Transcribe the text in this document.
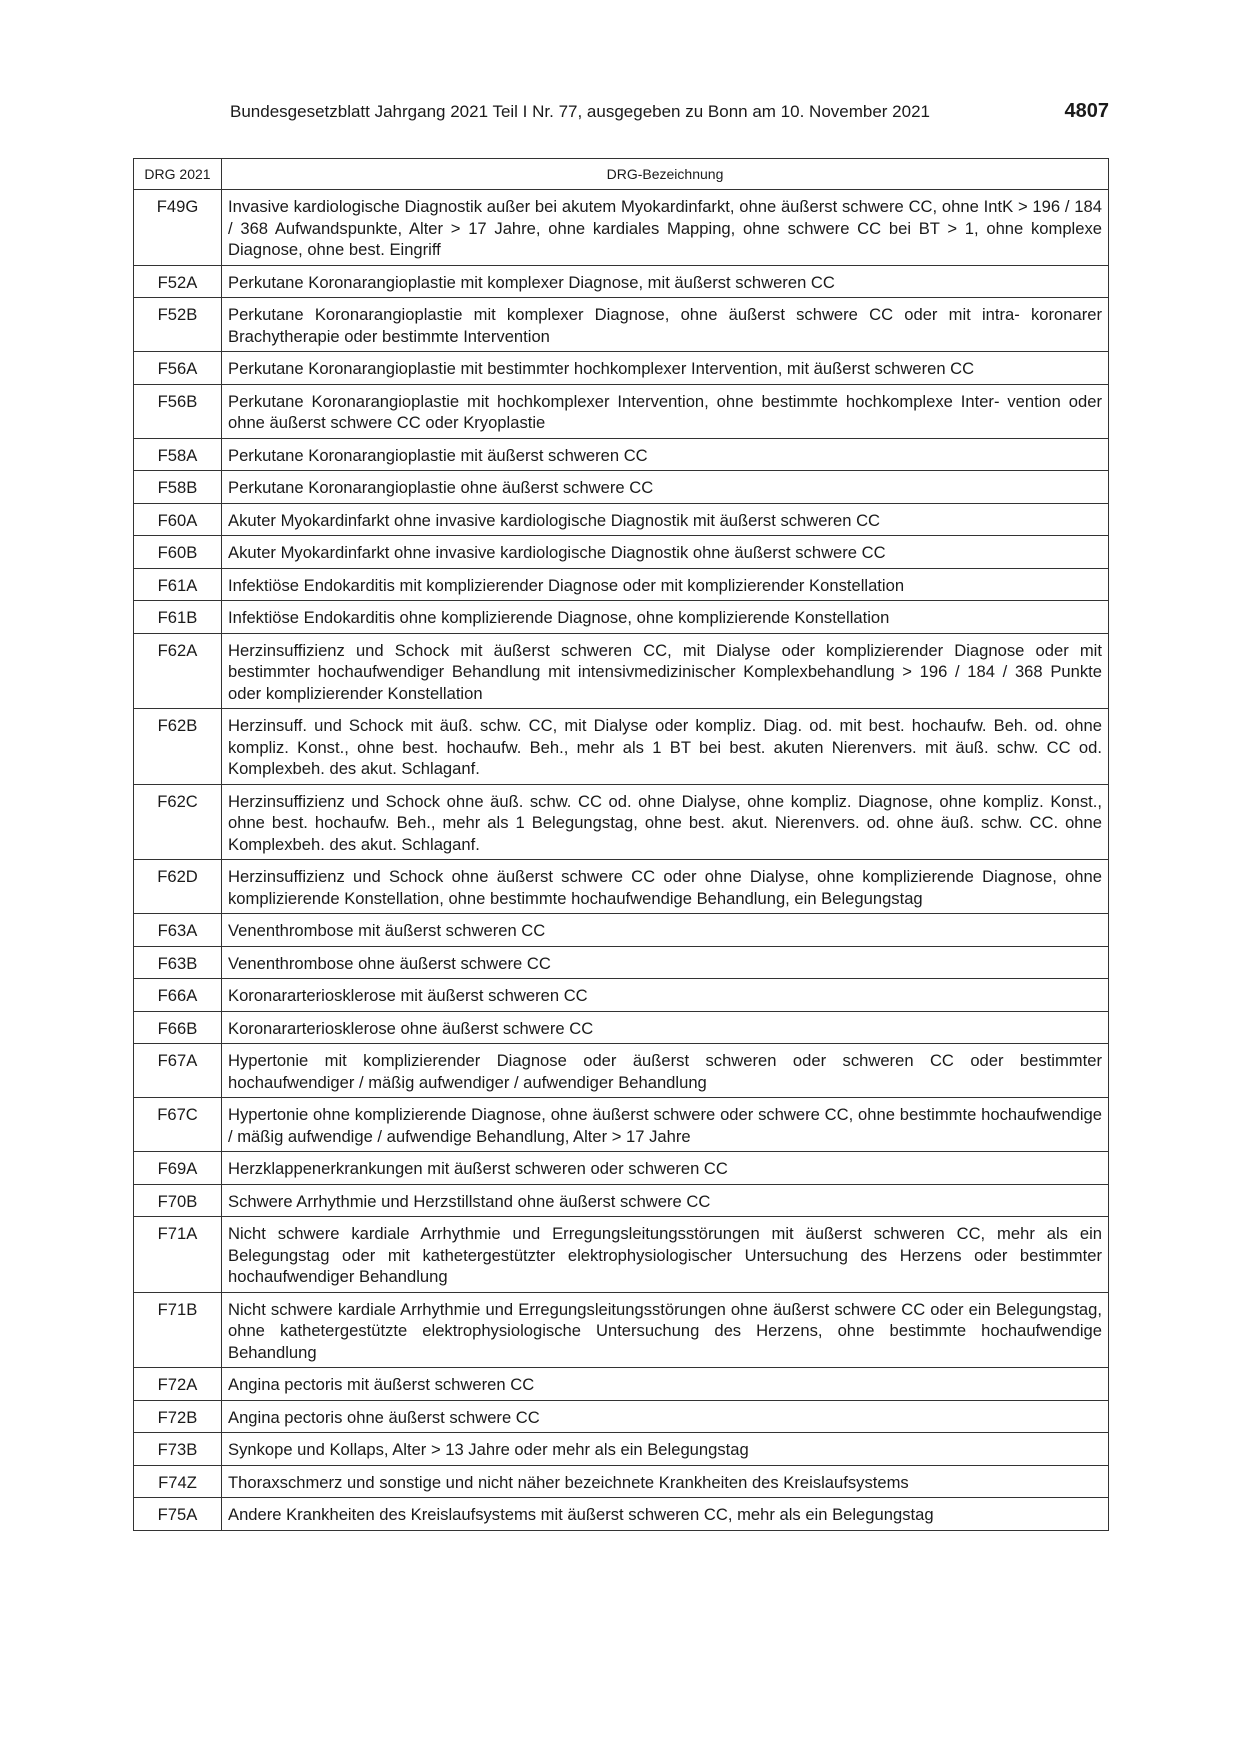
Bundesgesetzblatt Jahrgang 2021 Teil I Nr. 77, ausgegeben zu Bonn am 10. November 2021	4807
DRG 2021	DRG-Bezeichnung
F49G	Invasive kardiologische Diagnostik außer bei akutem Myokardinfarkt, ohne äußerst schwere CC, ohne IntK > 196 / 184 / 368 Aufwandspunkte, Alter > 17 Jahre, ohne kardiales Mapping, ohne schwere CC bei BT > 1, ohne komplexe Diagnose, ohne best. Eingriff
F52A	Perkutane Koronarangioplastie mit komplexer Diagnose, mit äußerst schweren CC
F52B	Perkutane Koronarangioplastie mit komplexer Diagnose, ohne äußerst schwere CC oder mit intra- koronarer Brachytherapie oder bestimmte Intervention
F56A	Perkutane Koronarangioplastie mit bestimmter hochkomplexer Intervention, mit äußerst schweren CC
F56B	Perkutane Koronarangioplastie mit hochkomplexer Intervention, ohne bestimmte hochkomplexe Inter- vention oder ohne äußerst schwere CC oder Kryoplastie
F58A	Perkutane Koronarangioplastie mit äußerst schweren CC
F58B	Perkutane Koronarangioplastie ohne äußerst schwere CC
F60A	Akuter Myokardinfarkt ohne invasive kardiologische Diagnostik mit äußerst schweren CC
F60B	Akuter Myokardinfarkt ohne invasive kardiologische Diagnostik ohne äußerst schwere CC
F61A	Infektiöse Endokarditis mit komplizierender Diagnose oder mit komplizierender Konstellation
F61B	Infektiöse Endokarditis ohne komplizierende Diagnose, ohne komplizierende Konstellation
F62A	Herzinsuffizienz und Schock mit äußerst schweren CC, mit Dialyse oder komplizierender Diagnose oder mit bestimmter hochaufwendiger Behandlung mit intensivmedizinischer Komplexbehandlung > 196 / 184 / 368 Punkte oder komplizierender Konstellation
F62B	Herzinsuff. und Schock mit äuß. schw. CC, mit Dialyse oder kompliz. Diag. od. mit best. hochaufw. Beh. od. ohne kompliz. Konst., ohne best. hochaufw. Beh., mehr als 1 BT bei best. akuten Nierenvers. mit äuß. schw. CC od. Komplexbeh. des akut. Schlaganf.
F62C	Herzinsuffizienz und Schock ohne äuß. schw. CC od. ohne Dialyse, ohne kompliz. Diagnose, ohne kompliz. Konst., ohne best. hochaufw. Beh., mehr als 1 Belegungstag, ohne best. akut. Nierenvers. od. ohne äuß. schw. CC. ohne Komplexbeh. des akut. Schlaganf.
F62D	Herzinsuffizienz und Schock ohne äußerst schwere CC oder ohne Dialyse, ohne komplizierende Diagnose, ohne komplizierende Konstellation, ohne bestimmte hochaufwendige Behandlung, ein Belegungstag
F63A	Venenthrombose mit äußerst schweren CC
F63B	Venenthrombose ohne äußerst schwere CC
F66A	Koronararteriosklerose mit äußerst schweren CC
F66B	Koronararteriosklerose ohne äußerst schwere CC
F67A	Hypertonie mit komplizierender Diagnose oder äußerst schweren oder schweren CC oder bestimmter hochaufwendiger / mäßig aufwendiger / aufwendiger Behandlung
F67C	Hypertonie ohne komplizierende Diagnose, ohne äußerst schwere oder schwere CC, ohne bestimmte hochaufwendige / mäßig aufwendige / aufwendige Behandlung, Alter > 17 Jahre
F69A	Herzklappenerkrankungen mit äußerst schweren oder schweren CC
F70B	Schwere Arrhythmie und Herzstillstand ohne äußerst schwere CC
F71A	Nicht schwere kardiale Arrhythmie und Erregungsleitungsstörungen mit äußerst schweren CC, mehr als ein Belegungstag oder mit kathetergestützter elektrophysiologischer Untersuchung des Herzens oder bestimmter hochaufwendiger Behandlung
F71B	Nicht schwere kardiale Arrhythmie und Erregungsleitungsstörungen ohne äußerst schwere CC oder ein Belegungstag, ohne kathetergestützte elektrophysiologische Untersuchung des Herzens, ohne bestimmte hochaufwendige Behandlung
F72A	Angina pectoris mit äußerst schweren CC
F72B	Angina pectoris ohne äußerst schwere CC
F73B	Synkope und Kollaps, Alter > 13 Jahre oder mehr als ein Belegungstag
F74Z	Thoraxschmerz und sonstige und nicht näher bezeichnete Krankheiten des Kreislaufsystems
F75A	Andere Krankheiten des Kreislaufsystems mit äußerst schweren CC, mehr als ein Belegungstag
